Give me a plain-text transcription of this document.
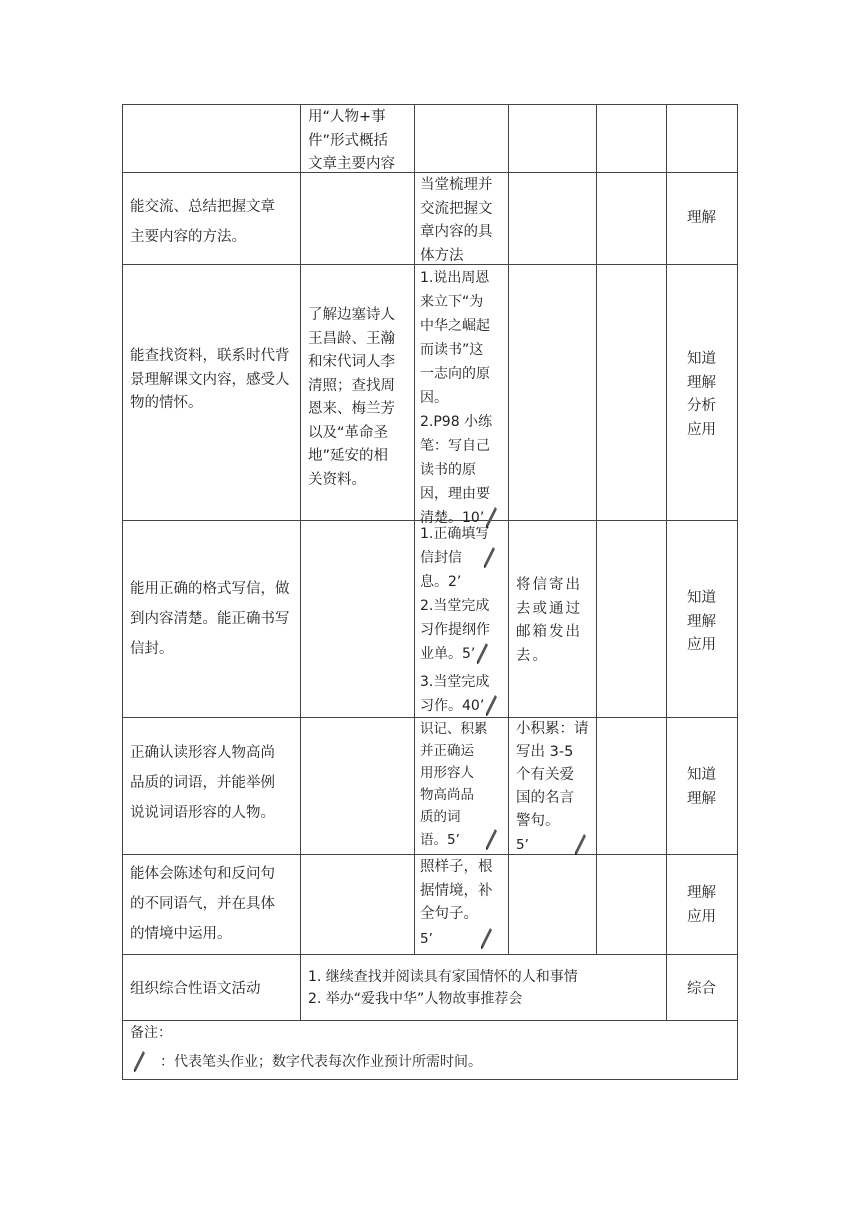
用“人物+事
件”形式概括
文章主要内容
能交流、总结把握文章
主要内容的方法。
当堂梳理并
交流把握文
章内容的具
体方法
理解
能查找资料，联系时代背
景理解课文内容，感受人
物的情怀。
了解边塞诗人
王昌龄、王瀚
和宋代词人李
清照；查找周
恩来、梅兰芳
以及“革命圣
地”延安的相
关资料。
1.说出周恩
来立下“为
中华之崛起
而读书”这
一志向的原
因。
2.P98 小练
笔：写自己
读书的原
因，理由要
清楚。10’
知道
理解
分析
应用
能用正确的格式写信，做
到内容清楚。能正确书写
信封。
1.正确填写
信封信
息。2’
2.当堂完成
习作提纲作
业单。5’
3.当堂完成
习作。40’
将信寄出
去或通过
邮箱发出
去。
知道
理解
应用
正确认读形容人物高尚
品质的词语，并能举例
说说词语形容的人物。
识记、积累
并正确运
用形容人
物高尚品
质的词
语。5’
小积累：请
写出 3-5
个有关爱
国的名言
警句。
5’
知道
理解
能体会陈述句和反问句
的不同语气，并在具体
的情境中运用。
照样子，根
据情境，补
全句子。
5’
理解
应用
组织综合性语文活动
1. 继续查找并阅读具有家国情怀的人和事情
2. 举办“爱我中华”人物故事推荐会
综合
备注：
：代表笔头作业；数字代表每次作业预计所需时间。
